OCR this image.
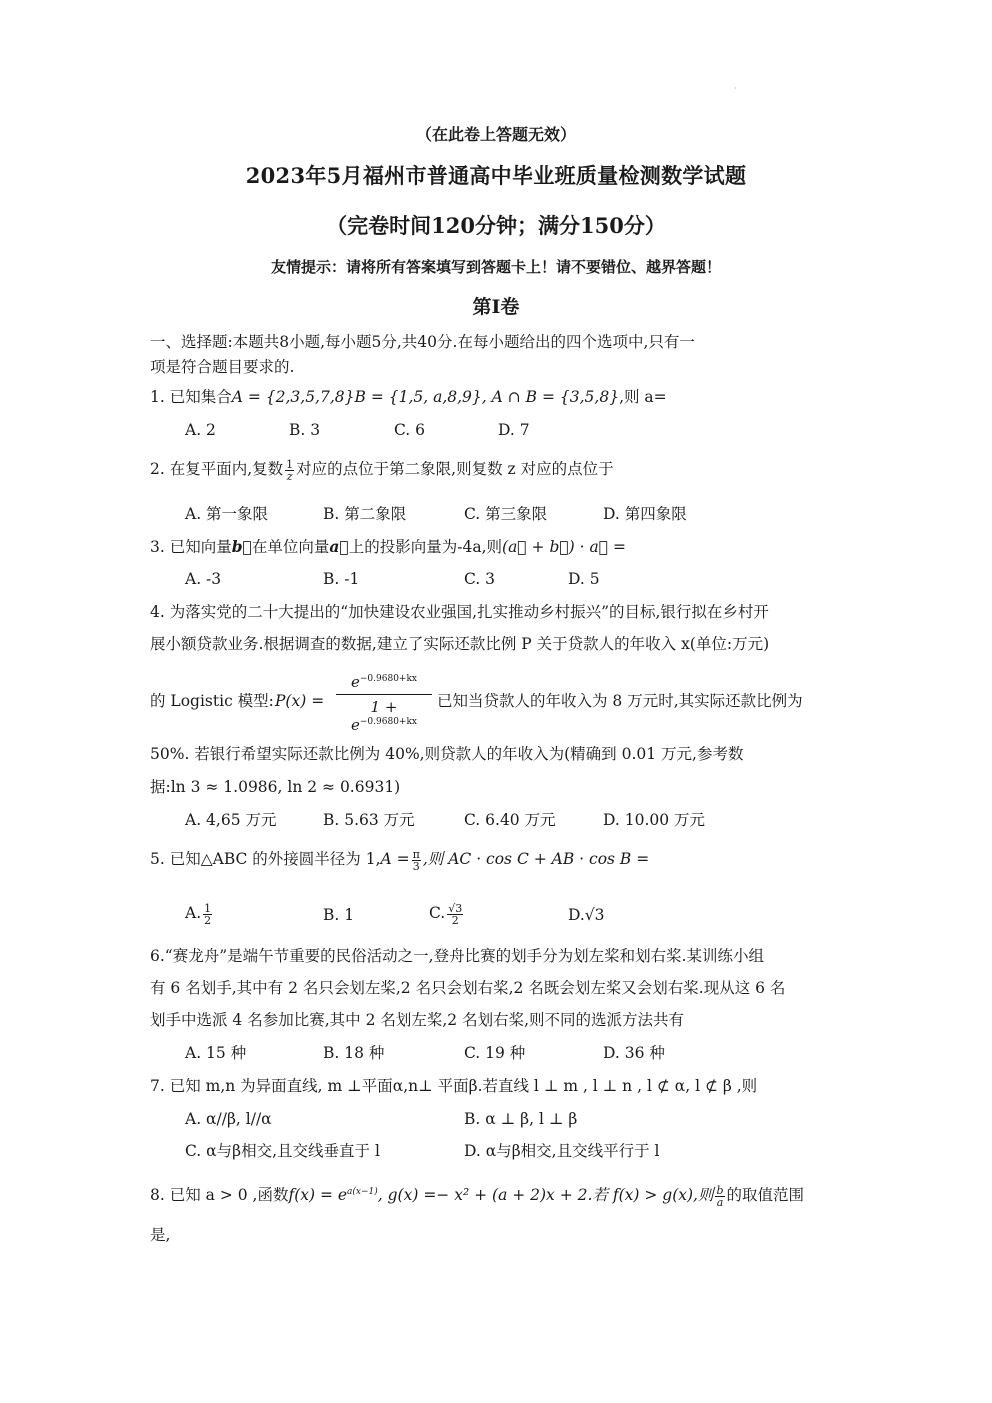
·
（在此卷上答题无效）
2023年5月福州市普通高中毕业班质量检测数学试题
（完卷时间120分钟；满分150分）
友情提示：请将所有答案填写到答题卡上！请不要错位、越界答题！
第Ⅰ卷
一、选择题:本题共8小题,每小题5分,共40分.在每小题给出的四个选项中,只有一
项是符合题目要求的.
1. 已知集合A = {2,3,5,7,8}B = {1,5, a,8,9}, A ∩ B = {3,5,8},则 a=
A. 2	B. 3	C. 6	D. 7
2. 在复平面内,复数 $\frac{1}{z}$ 对应的点位于第二象限,则复数 z 对应的点位于
A. 第一象限	B. 第二象限	C. 第三象限	D. 第四象限
3. 已知向量b⃗在单位向量a⃗上的投影向量为-4a,则(a⃗ + b⃗) · a⃗ =
A. -3	B. -1	C. 3	D. 5
4. 为落实党的二十大提出的“加快建设农业强国,扎实推动乡村振兴”的目标,银行拟在乡村开
展小额贷款业务.根据调查的数据,建立了实际还款比例 P 关于贷款人的年收入 x(单位:万元)
的 Logistic 模型: $P(x) = \frac{e^{-0.9680+kx}}{1 + e^{-0.9680+kx}}$ 已知当贷款人的年收入为 8 万元时,其实际还款比例为
50%. 若银行希望实际还款比例为 40%,则贷款人的年收入为(精确到 0.01 万元,参考数
据:ln 3 ≈ 1.0986, ln 2 ≈ 0.6931)
A. 4,65 万元	B. 5.63 万元	C. 6.40 万元	D. 10.00 万元
5. 已知△ABC 的外接圆半径为 $1,A = \frac{\pi}{3}$ ,则 AC · cos C + AB · cos B =
A. $\frac{1}{2}$	B. 1	C. $\frac{√3}{2}$	D.√3
6.“赛龙舟”是端午节重要的民俗活动之一,登舟比赛的划手分为划左桨和划右桨.某训练小组
有 6 名划手,其中有 2 名只会划左桨,2 名只会划右桨,2 名既会划左桨又会划右桨.现从这 6 名
划手中选派 4 名参加比赛,其中 2 名划左桨,2 名划右桨,则不同的选派方法共有
A. 15 种	B. 18 种	C. 19 种	D. 36 种
7. 已知 m,n 为异面直线, m ⊥平面α,n⊥ 平面β.若直线 l ⊥ m , l ⊥ n , l ⊄ α, l ⊄ β ,则
A. α//β, l//α	B. α ⊥ β, l ⊥ β
C. α与β相交,且交线垂直于 l	D. α与β相交,且交线平行于 l
8. 已知 a > 0 ,函数$f(x) = e^{a(x-1)}$, g(x) =− x² + (a + 2)x + 2.若 f(x) > g(x),则 $\frac{b}{a}$ 的取值范围
是,
